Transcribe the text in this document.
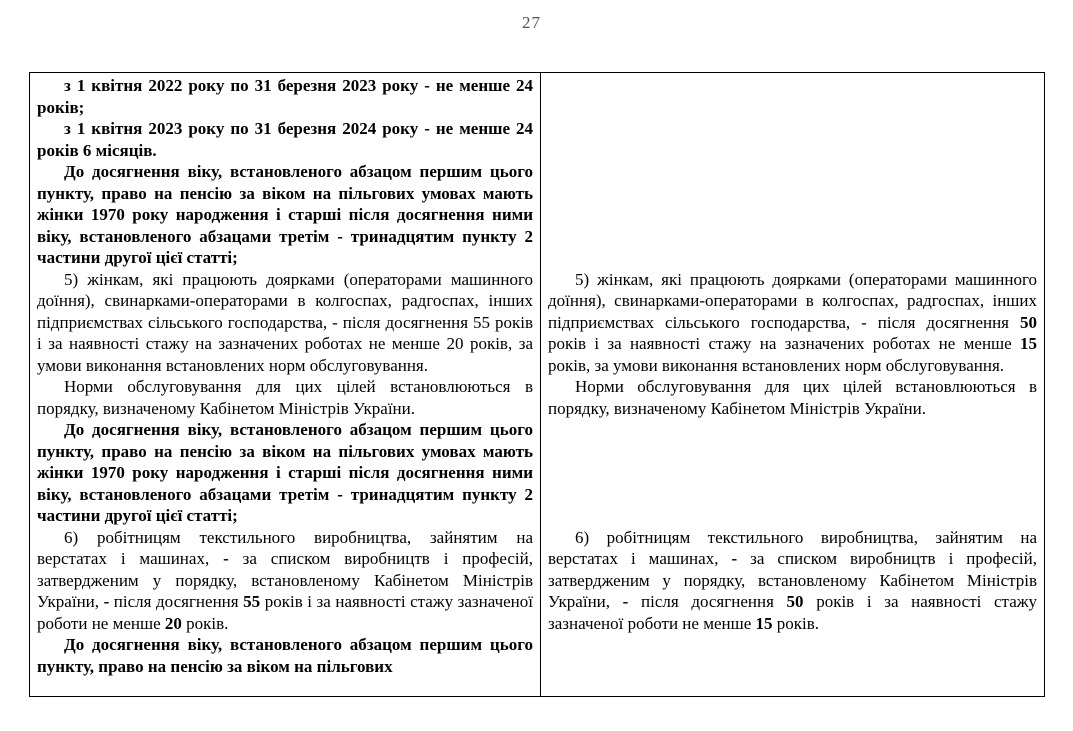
27

з 1 квітня 2022 року по 31 березня 2023 року - не менше 24 років;

з 1 квітня 2023 року по 31 березня 2024 року - не менше 24 років 6 місяців.

До досягнення віку, встановленого абзацом першим цього пункту, право на пенсію за віком на пільгових умовах мають жінки 1970 року народження і старші після досягнення ними віку, встановленого абзацами третім - тринадцятим пункту 2 частини другої цієї статті;

5) жінкам, які працюють доярками (операторами машинного доїння), свинарками-операторами в колгоспах, радгоспах, інших підприємствах сільського господарства, - після досягнення 55 років і за наявності стажу на зазначених роботах не менше 20 років, за умови виконання встановлених норм обслуговування.

Норми обслуговування для цих цілей встановлюються в порядку, визначеному Кабінетом Міністрів України.

До досягнення віку, встановленого абзацом першим цього пункту, право на пенсію за віком на пільгових умовах мають жінки 1970 року народження і старші після досягнення ними віку, встановленого абзацами третім - тринадцятим пункту 2 частини другої цієї статті;

6) робітницям текстильного виробництва, зайнятим на верстатах і машинах, - за списком виробництв і професій, затвердженим у порядку, встановленому Кабінетом Міністрів України, - після досягнення 55 років і за наявності стажу зазначеної роботи не менше 20 років.

До досягнення віку, встановленого абзацом першим цього пункту, право на пенсію за віком на пільгових

5) жінкам, які працюють доярками (операторами машинного доїння), свинарками-операторами в колгоспах, радгоспах, інших підприємствах сільського господарства, - після досягнення 50 років і за наявності стажу на зазначених роботах не менше 15 років, за умови виконання встановлених норм обслуговування.

Норми обслуговування для цих цілей встановлюються в порядку, визначеному Кабінетом Міністрів України.

6) робітницям текстильного виробництва, зайнятим на верстатах і машинах, - за списком виробництв і професій, затвердженим у порядку, встановленому Кабінетом Міністрів України, - після досягнення 50 років і за наявності стажу зазначеної роботи не менше 15 років.
